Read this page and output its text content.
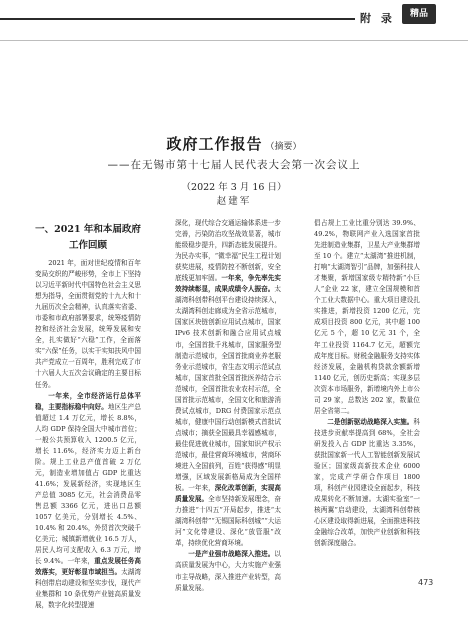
附 录	精品
政府工作报告 （摘要）
——在无锡市第十七届人民代表大会第一次会议上
（2022 年 3 月 16 日）
赵建军
一、2021 年和本届政府
工作回顾

2021 年，面对世纪疫情和百年变局交织的严峻形势，全市上下坚持以习近平新时代中国特色社会主义思想为指导，全面贯彻党的十九大和十九届历次全会精神，认真落实省委、市委和市政府部署要求，统筹疫情防控和经济社会发展，统筹发展和安全，扎实做好“六稳”工作，全面落实“六保”任务，以实干实知扶风中国共产党成立一百周年，胜利完成了市十六届人大五次会议确定的主要目标任务。

一年来，全市经济运行总体平稳，主要指标稳中向好。地区生产总值超过 1.4 万亿元，增长 8.8%，人均 GDP 保持全国大中城市首位；一般公共预算收入 1200.5 亿元，增长 11.6%，经济实力迈上新台阶。规上工业总产值首破 2 万亿元，制造业增加值占 GDP 比重达 41.6%；发展新经济，实现地区生产总值 3085 亿元，社会消费品零售总额 3366 亿元，进出口总额 1057 亿美元，分别增长 4.5%、10.4% 和 20.4%，外贸首次突破千亿美元；城镇新增就业 16.5 万人，居民人均可支配收入 6.3 万元，增长 9.4%。一年来，重点发展任务高效落实，更好彰显市域担当。太湖湾科创带启动建设和坚实步伐，现代产业集群和 10 条优势产业链高质量发展，数字化转型提速

深化，现代综合交通运输体系进一步完善，污染防治攻坚战效显著，城市能级稳步提升，四新态能发展提升。为民办实事，“微幸福”民生工程计划获奖进展，疫情防控不断创新，安全底线更加牢固。一年来，争先率先实效持续彰显，成果成绩令人振奋。太湖湾科创带科创平台建设持续深入，太湖湾科创走廊成为全省示范城市，国家区块链创新应用试点城市，国家 IPv6 技术创新和融合应用试点城市，全国首批千兆城市，国家服务型制造示范城市，全国首批商业养老服务业示范城市，省生态文明示范试点城市，国家首批全国首批医养结合示范城市，全国首批农业农村示范，全国首批示范城市，全国文化和旅游消费试点城市，DRG 付费国家示范点城市，健康中国行动创新模式首批试点城市；摘获全国最具幸福感城市，最佳促进就业城市，国家知识产权示范城市，最佳营商环境城市，营商环境进入全国前列，百姓“获得感”明显增强，区域发展新格局成为全国样板。一年来，深化改革创新，实现高质量发展。全市坚持新发展理念，奋力推进“十四五”开局起步，推进“太湖湾科创带”“无锡国际科创城”“大运河”文化带建设、深化“放管服”改革，持续优化营商环境。

一是产业强市战略深入推进。以高质量发展为中心，大力实施产业强市主导战略，深入推进产业转型，高质量发展。

倡占规上工业比重分别达 39.9%、49.2%，物联网产业入选国家首批先进制造业集群，卫星大产业集群增至 10 个。建立“太湖湾”推进机制，打响“太湖湾智引”品牌，加强科技人才集聚，新增国家级专精特新“小巨人”企业 22 家，建立全国规模和首个工业大数据中心。重大项目建设扎实推进，新增投资 1200 亿元，完成项目投资 800 亿元，其中超 100 亿元 5 个，超 10 亿元 31 个，全年工业投资 1164.7 亿元，超额完成年度目标。财税金融服务支持实体经济发展，金融机构贷款余额新增 1140 亿元，创历史新高；实现多层次资本市场服务，新增境内外上市公司 29 家，总数达 202 家，数量位居全省第二。

二是创新驱动战略深入实施。科技进步贡献率提高到 68%，全社会研发投入占 GDP 比重达 3.35%，获批国家新一代人工智能创新发展试验区；国家级高新技术企业 6000 家，完成产学研合作项目 1800 项，科创产业园建设全面起步，科技成果转化不断加速。太湖实验室“一核两翼”启动建设，太湖湾科创带核心区建设取得新进展，全面推进科技金融综合改革，加快产业创新和科技创新深度融合。

473
